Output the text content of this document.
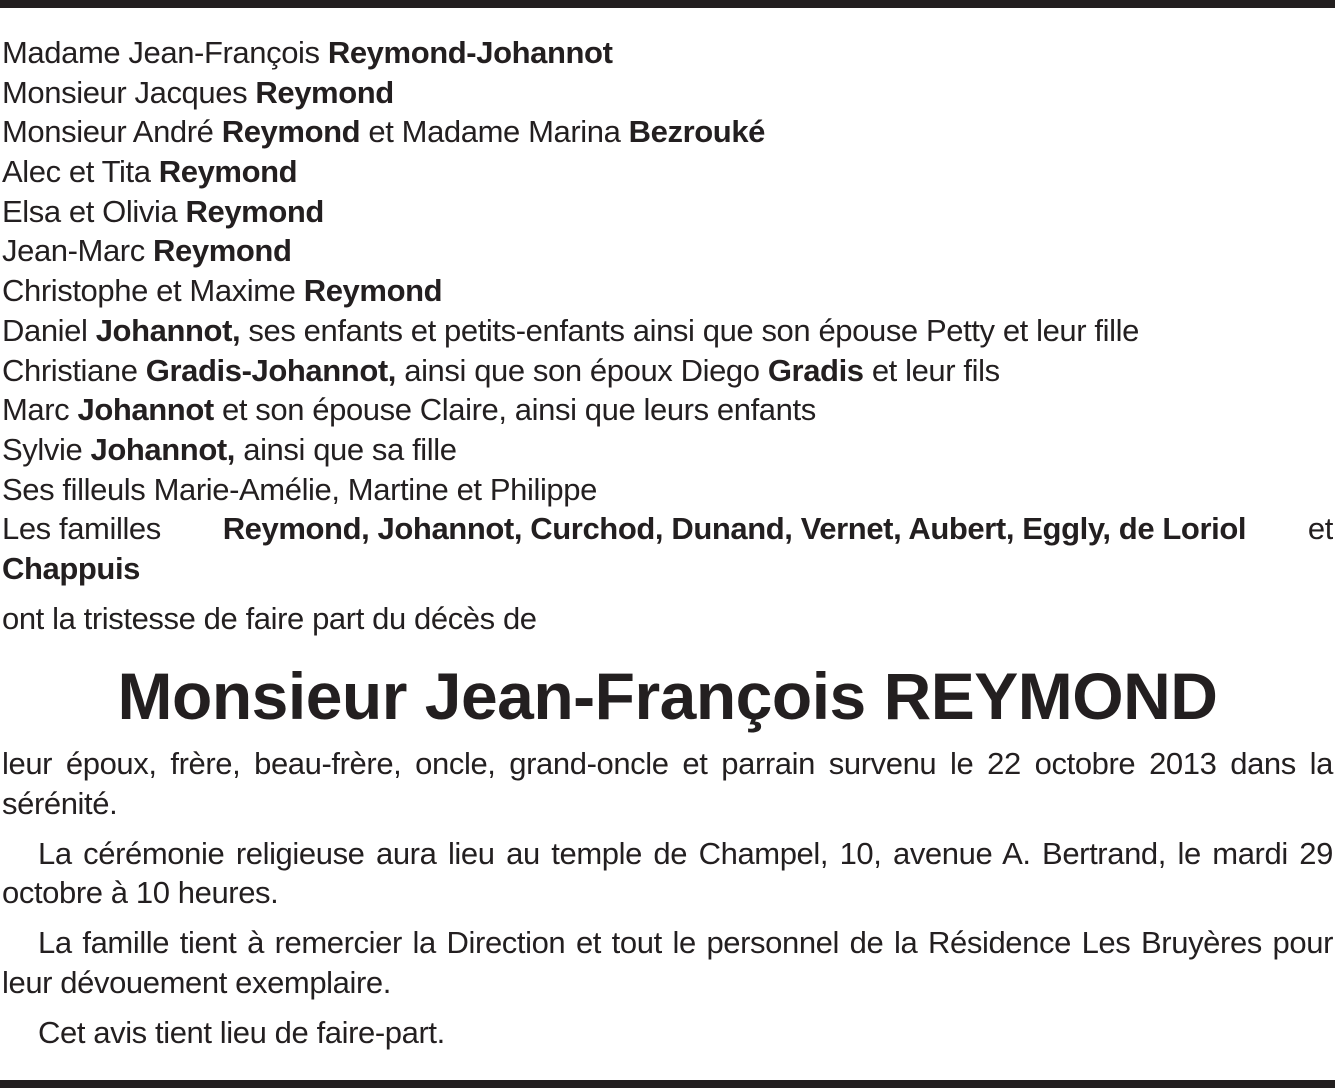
Madame Jean-François Reymond-Johannot
Monsieur Jacques Reymond
Monsieur André Reymond et Madame Marina Bezrouké
Alec et Tita Reymond
Elsa et Olivia Reymond
Jean-Marc Reymond
Christophe et Maxime Reymond
Daniel Johannot, ses enfants et petits-enfants ainsi que son épouse Petty et leur fille
Christiane Gradis-Johannot, ainsi que son époux Diego Gradis et leur fils
Marc Johannot et son épouse Claire, ainsi que leurs enfants
Sylvie Johannot, ainsi que sa fille
Ses filleuls Marie-Amélie, Martine et Philippe
Les familles Reymond, Johannot, Curchod, Dunand, Vernet, Aubert, Eggly, de Loriol et
Chappuis
ont la tristesse de faire part du décès de
Monsieur Jean-François REYMOND
leur époux, frère, beau-frère, oncle, grand-oncle et parrain survenu le 22 octobre 2013 dans la sérénité.
La cérémonie religieuse aura lieu au temple de Champel, 10, avenue A. Bertrand, le mardi 29 octobre à 10 heures.
La famille tient à remercier la Direction et tout le personnel de la Résidence Les Bruyères pour leur dévouement exemplaire.
Cet avis tient lieu de faire-part.
